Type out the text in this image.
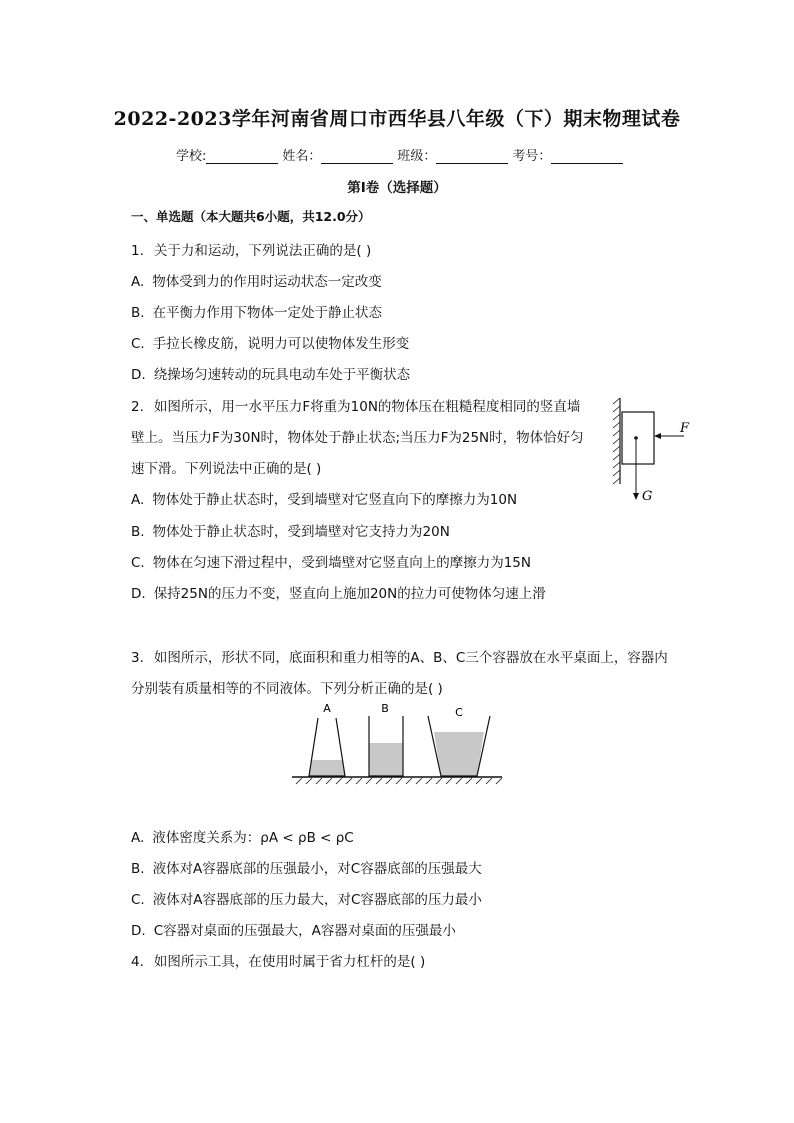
2022-2023学年河南省周口市西华县八年级（下）期末物理试卷
学校:	姓名：	班级：	考号：
第I卷（选择题）
一、单选题（本大题共6小题，共12.0分）
1. 关于力和运动，下列说法正确的是( )
A. 物体受到力的作用时运动状态一定改变
B. 在平衡力作用下物体一定处于静止状态
C. 手拉长橡皮筋，说明力可以使物体发生形变
D. 绕操场匀速转动的玩具电动车处于平衡状态
2. 如图所示，用一水平压力F将重为10N的物体压在粗糙程度相同的竖直墙
壁上。当压力F为30N时，物体处于静止状态;当压力F为25N时，物体恰好匀
速下滑。下列说法中正确的是( )
A. 物体处于静止状态时，受到墙壁对它竖直向下的摩擦力为10N
B. 物体处于静止状态时，受到墙壁对它支持力为20N
C. 物体在匀速下滑过程中，受到墙壁对它竖直向上的摩擦力为15N
D. 保持25N的压力不变，竖直向上施加20N的拉力可使物体匀速上滑
F
G
3. 如图所示，形状不同，底面积和重力相等的A、B、C三个容器放在水平桌面上，容器内
分别装有质量相等的不同液体。下列分析正确的是( )
A	B	C
A. 液体密度关系为：ρA < ρB < ρC
B. 液体对A容器底部的压强最小，对C容器底部的压强最大
C. 液体对A容器底部的压力最大，对C容器底部的压力最小
D. C容器对桌面的压强最大，A容器对桌面的压强最小
4. 如图所示工具，在使用时属于省力杠杆的是( )
